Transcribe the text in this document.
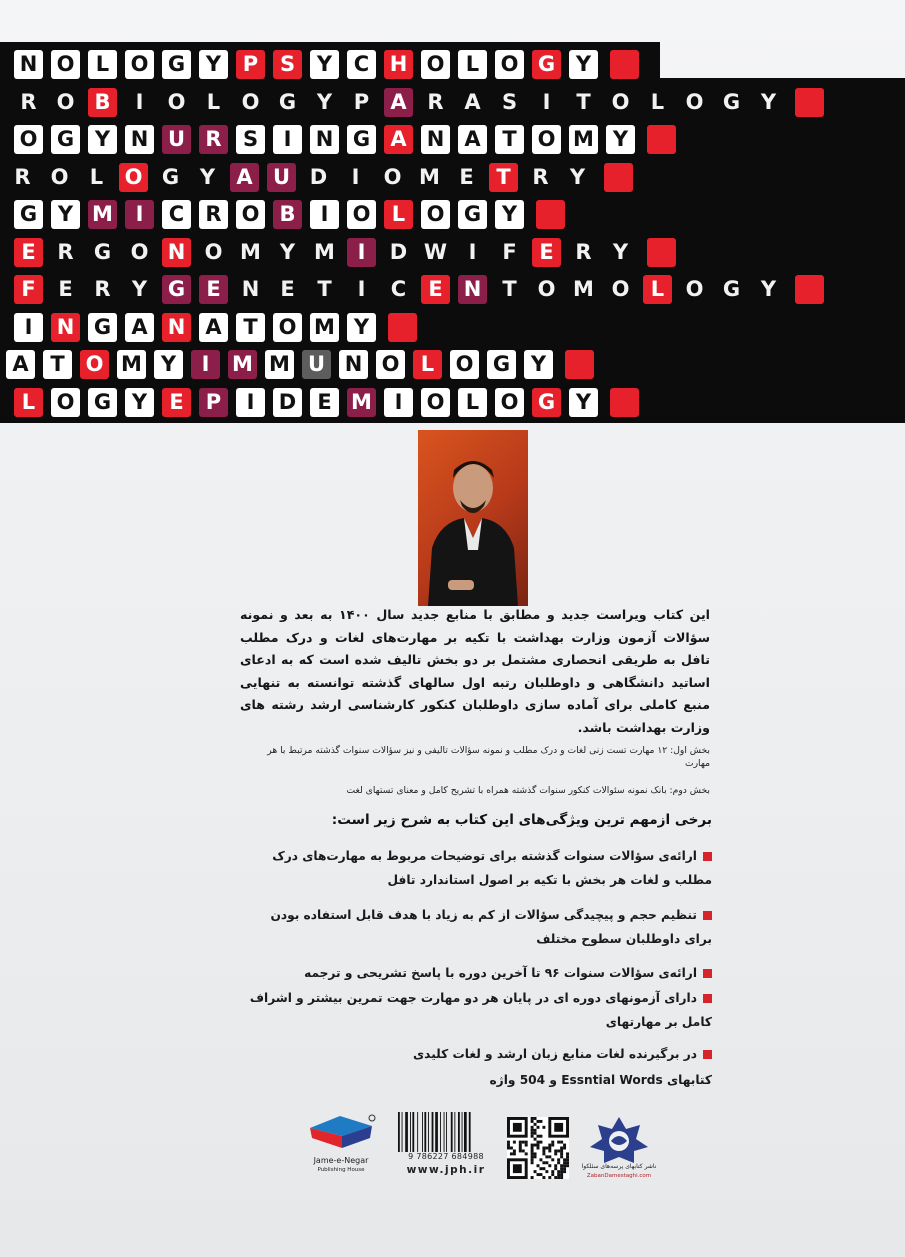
N O	L	O G Y	P	S	Y	C H O	L	O G Y
R O B	I	O	L	O G Y	P	A R A	S	I	T O	L	O G Y
O G Y N U R	S	I	N G A N A	T O M Y
R O	L	O G Y	A U D	I	O M E	T	R	Y
G Y M	I	C	R O B	I	O	L	O G Y
E	R G O N O M Y M	I	D W	I	F	E	R	Y
F	E	R	Y G	E	N	E	T	I	C	E	N	T O M O	L	O G Y
I	N G A N A	T O M Y
A	T O M Y	I	M M U N O	L	O G Y
L	O G Y	E	P	I	D	E M	I	O	L	O G Y
این کتاب ویراست جدید و مطابق با منابع جدید سال ۱۴۰۰ به بعد و نمونه سؤالات آزمون وزارت بهداشت با تکیه بر مهارت‌های لغات و درک مطلب تافل به طریقی انحصاری مشتمل بر دو بخش تالیف شده است که به ادعای اساتید دانشگاهی و داوطلبان رتبه اول سالهای گذشته توانسته به تنهایی منبع کاملی برای آماده سازی داوطلبان کنکور کارشناسی ارشد رشته های وزارت بهداشت باشد.
بخش اول: ۱۲ مهارت تست زنی لغات و درک مطلب و نمونه سؤالات تالیفی و نیز سؤالات سنوات گذشته مرتبط با هر مهارت
بخش دوم: بانک نمونه سئوالات کنکور سنوات گذشته همراه با تشریح کامل و معنای تستهای لغت
برخی ازمهم ترین ویژگی‌های این کتاب به شرح زیر است:
ارائه‌ی سؤالات سنوات گذشته برای توضیحات مربوط به مهارت‌های درک مطلب و لغات هر بخش با تکیه بر اصول استاندارد تافل
تنظیم حجم و پیچیدگی سؤالات از کم به زیاد با هدف قابل استفاده بودن برای داوطلبان سطوح مختلف
ارائه‌ی سؤالات سنوات ۹۶ تا آخرین دوره با پاسخ تشریحی و ترجمه
دارای آزمونهای دوره ای در پایان هر دو مهارت جهت تمرین بیشتر و اشراف کامل بر مهارتهای
در برگیرنده لغات منابع زبان ارشد و لغات کلیدی
کتابهای Essntial Words و 504 واژه
Jame-e-Negar
Publishing House
9 786227 684988
www.jph.ir	ناشر کتابهای پرسه‌های سئلکوا
ZabanDamestaghi.com
